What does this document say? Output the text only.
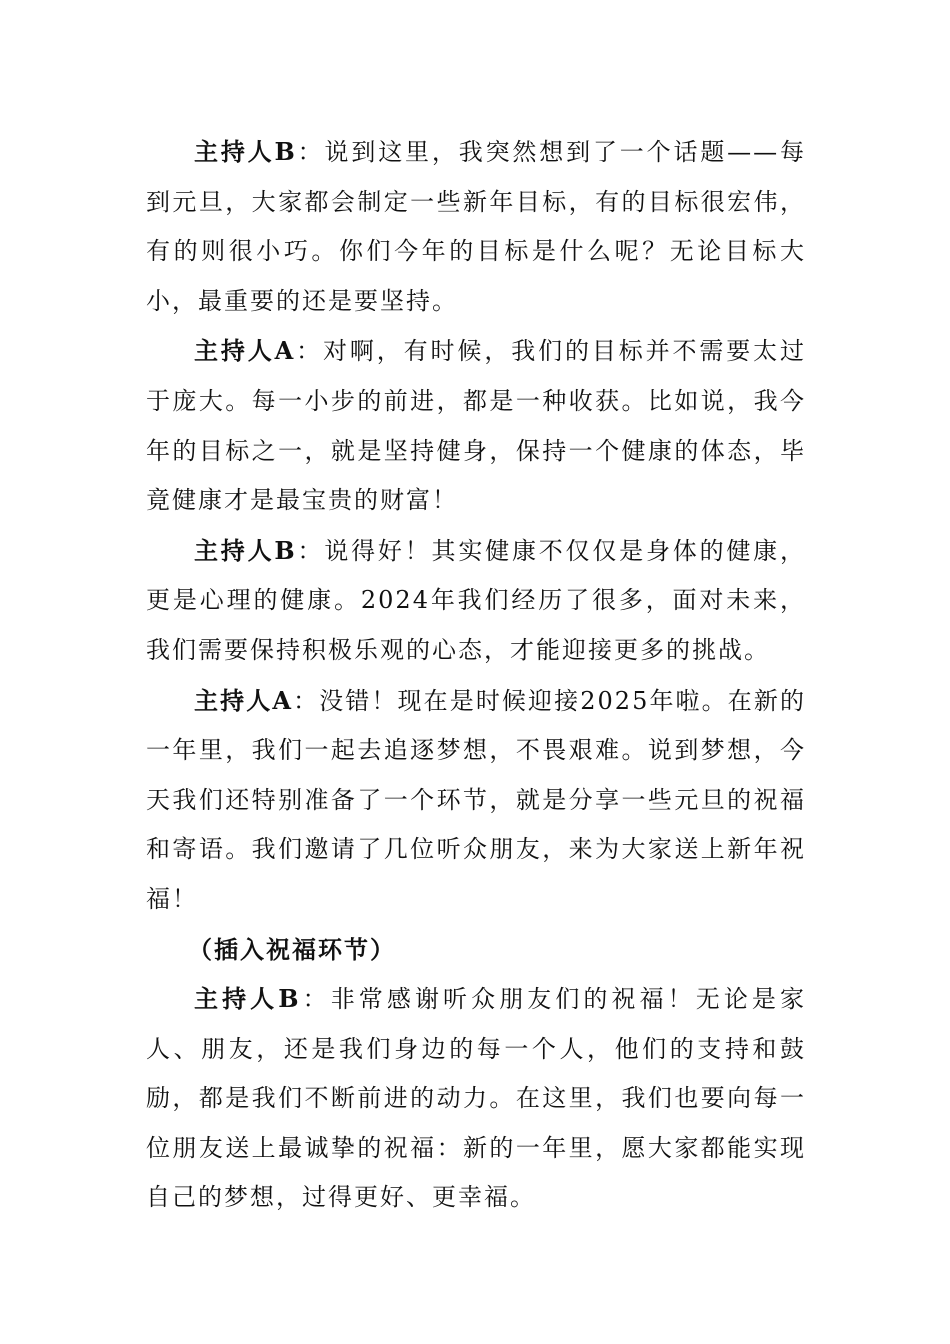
主持人B：说到这里，我突然想到了一个话题——每到元旦，大家都会制定一些新年目标，有的目标很宏伟，有的则很小巧。你们今年的目标是什么呢？无论目标大小，最重要的还是要坚持。

主持人A：对啊，有时候，我们的目标并不需要太过于庞大。每一小步的前进，都是一种收获。比如说，我今年的目标之一，就是坚持健身，保持一个健康的体态，毕竟健康才是最宝贵的财富！

主持人B：说得好！其实健康不仅仅是身体的健康，更是心理的健康。2024年我们经历了很多，面对未来，我们需要保持积极乐观的心态，才能迎接更多的挑战。

主持人A：没错！现在是时候迎接2025年啦。在新的一年里，我们一起去追逐梦想，不畏艰难。说到梦想，今天我们还特别准备了一个环节，就是分享一些元旦的祝福和寄语。我们邀请了几位听众朋友，来为大家送上新年祝福！

（插入祝福环节）

主持人B：非常感谢听众朋友们的祝福！无论是家人、朋友，还是我们身边的每一个人，他们的支持和鼓励，都是我们不断前进的动力。在这里，我们也要向每一位朋友送上最诚挚的祝福：新的一年里，愿大家都能实现自己的梦想，过得更好、更幸福。
